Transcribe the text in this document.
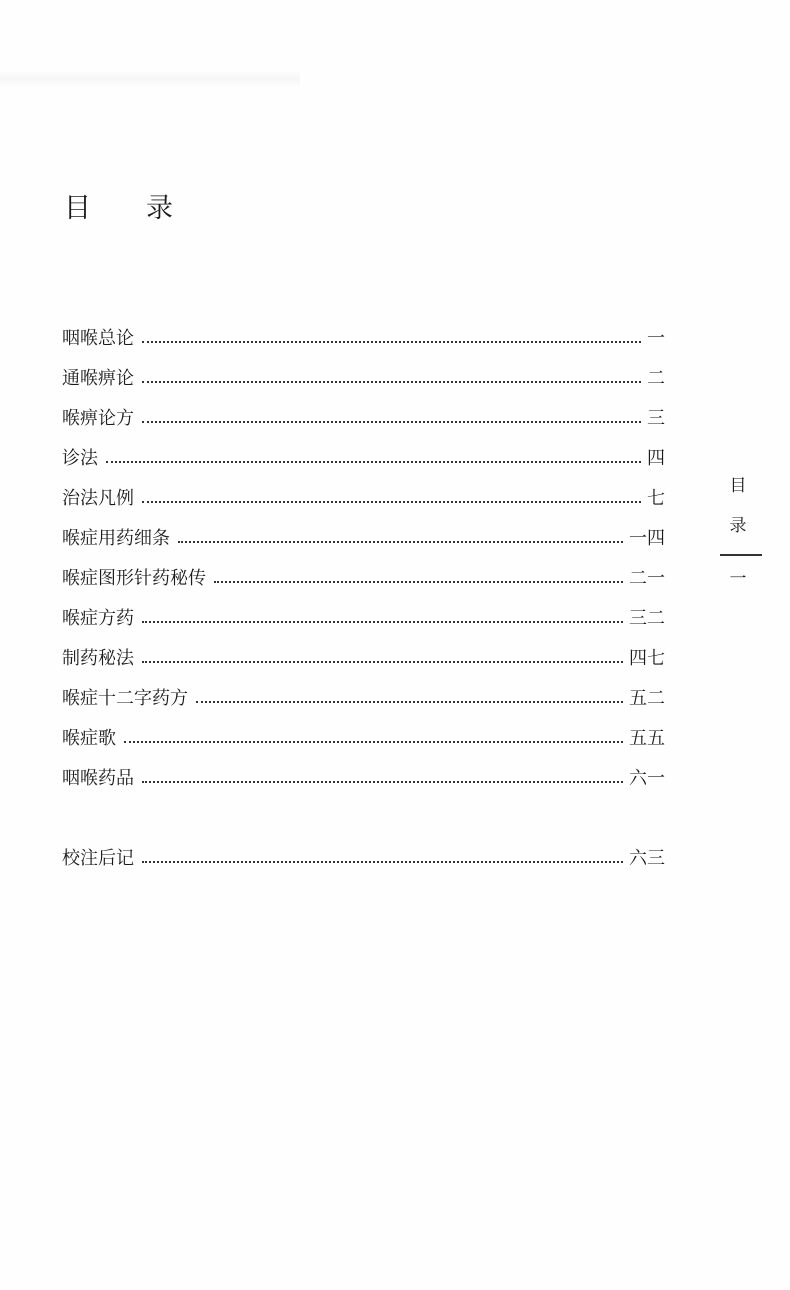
目　录
咽喉总论	一
通喉痹论	二
喉痹论方	三
诊法	四
治法凡例	七
喉症用药细条	一四
喉症图形针药秘传	二一
喉症方药	三二
制药秘法	四七
喉症十二字药方	五二
喉症歌	五五
咽喉药品	六一
校注后记	六三
目
录
一
